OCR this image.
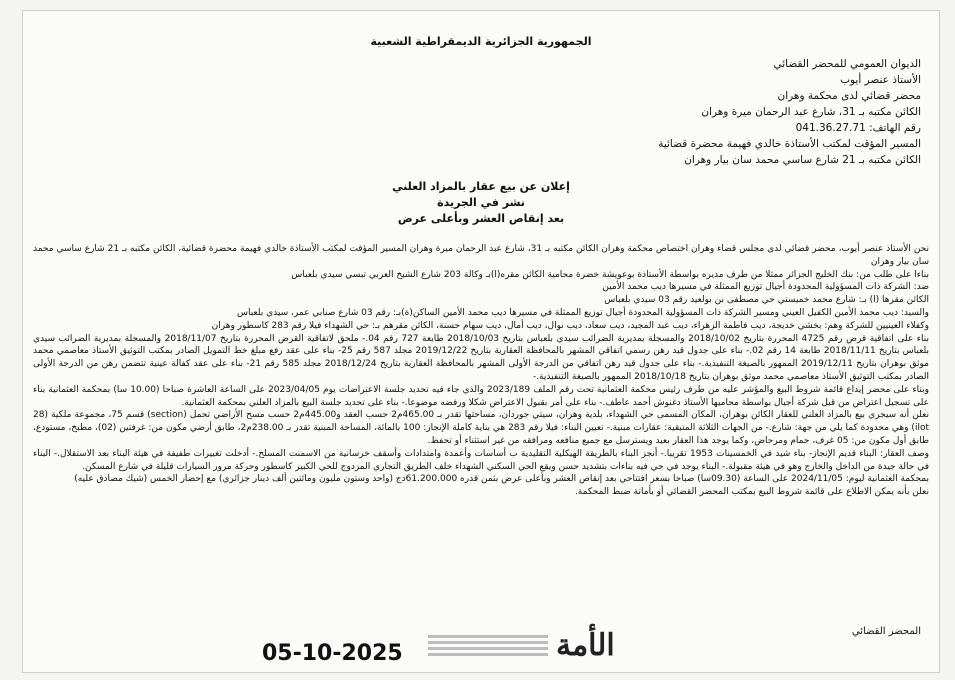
الجمهورية الجزائرية الديمقراطية الشعبية
الديوان العمومي للمحضر القضائي
الأستاذ عنصر أيوب
محضر قضائي لدى محكمة وهران
الكائن مكتبه بـ 31، شارع عبد الرحمان ميرة وهران
رقم الهاتف: 041.36.27.71
المسير المؤقت لمكتب الأستاذة خالدي فهيمة محضرة قضائية
الكائن مكتبه بـ 21 شارع ساسي محمد سان بيار وهران
إعلان عن بيع عقار بالمزاد العلني
نشر في الجريدة
بعد إنقاص العشر وبأعلى عرض

نحن الأستاذ عنصر أيوب، محضر قضائي لدى مجلس قضاء وهران اختصاص محكمة وهران الكائن مكتبه بـ 31، شارع عبد الرحمان ميرة وهران المسير المؤقت لمكتب الأستاذة خالدي فهيمة محضرة قضائية، الكائن مكتبه بـ 21 شارع ساسي محمد سان بيار وهران

بناءا على طلب من: بنك الخليج الجزائر ممثلا من طرف مديره بواسطة الأستاذة بوعويشة خضرة محامية الكائن مقره(ا)بـ وكالة 203 شارع الشيخ العربي تبسي سيدي بلعباس

ضد: الشركة ذات المسؤولية المحدودة أجيال توزيع الممثلة في مسيرها ديب محمد الأمين

الكائن مقرها (ا) بـ: شارع محمد خميستي حي مصطفى بن بولعيد رقم 03 سيدي بلعباس

والسيد: ديب محمد الأمين الكفيل العيني ومسير الشركة ذات المسؤولية المحدودة أجيال توزيع الممثلة في مسيرها ديب محمد الأمين الساكن(ة)بـ: رقم 03 شارع صنابي عمر، سيدي بلعباس

وكفلاء العينيين للشركة وهم: بخشي خديجة، ديب فاطمة الزهراء، ديب عبد المجيد، ديب سعاد، ديب نوال، ديب أمال، ديب سهام حسنة، الكائن مقرهم بـ: حي الشهداء فيلا رقم 283 كاسطور وهران

بناء على اتفاقية قرض رقم 4725 المحررة بتاريخ 2018/10/02 والمسجلة بمديرية الضرائب سيدي بلعباس بتاريخ 2018/10/03 طابعة 727 رقم 04.- ملحق لاتفاقية القرض المحررة بتاريخ 2018/11/07 والمسجلة بمديرية الضرائب سيدي بلعباس بتاريخ 2018/11/11 طابعة 14 رقم 02.- بناء على جدول قيد رهن رسمي اتفاقي المشهر بالمحافظة العقارية بتاريخ 2019/12/22 مجلد 587 رقم 25- بناء على عقد رفع مبلغ خط التمويل الصادر بمكتب التوثيق الأستاذ معاصمي محمد موثق بوهران بتاريخ 2019/12/11 الممهور بالصيغة التنفيذية.- بناء على جدول قيد رهن اتفاقي من الدرجة الأولى المشهر بالمحافظة العقارية بتاريخ 2018/12/24 مجلد 585 رقم 21- بناء على عقد كفالة عينية تتضمن رهن من الدرجة الأولى الصادر بمكتب التوثيق الأستاذ معاصمي محمد موثق بوهران بتاريخ 2018/10/18 الممهور بالصيغة التنفيذية.-

وبناء على محضر إيداع قائمة شروط البيع والمؤشر عليه من طرف رئيس محكمة العثمانية تحت رقم الملف 2023/189 والذي جاء فيه تحديد جلسة الاعتراضات يوم 2023/04/05 على الساعة العاشرة صباحا (10.00 سا) بمحكمة العثمانية بناء على تسجيل اعتراض من قبل شركة أجيال بواسطة محاميها الأستاذ دغنوش أحمد عاطف.- بناء على أمر بقبول الاعتراض شكلا ورفضه موضوعا.- بناء على تحديد جلسة البيع بالمزاد العلني بمحكمة العثمانية.

نعلن أنه سيجري بيع بالمزاد العلني للعقار الكائن بوهران، المكان المسمى حي الشهداء، بلدية وهران، سيتي جوردان، مساحتها تقدر بـ 465.00م2 حسب العقد و445.00م2 حسب مسح الأراضي تحمل (section) قسم 75، مجموعة ملكية (28 ilot) وهي محدودة كما يلي من جهة: شارع.- من الجهات الثلاثة المتبقية: عقارات مبنية.- تعيين البناء: فيلا رقم 283 هي بناية كاملة الإنجاز: 100 بالمائة، المساحة المبنية تقدر بـ 238.00م2، طابق أرضي مكون من: غرفتين (02)، مطبخ، مستودع، طابق أول مكون من: 05 غرف، حمام ومرحاض، وكما يوجد هذا العقار بعيد ويسترسل مع جميع منافعه ومرافقه من غير استثناء أو تحفظ.

وصف العقار: البناء قديم الإنجاز- بناء شيد في الخمسينات 1953 تقريبا.- أنجز البناء بالطريقة الهيكلية التقليدية ب أساسات وأعمدة وامتدادات وأسقف خرسانية من الاسمنت المسلح.- أدخلت تغييرات طفيفة في هيئة البناء بعد الاستقلال.- البناء في حالة جيدة من الداخل والخارج وهو في هيئة مقبولة.- البناء يوجد في حي فيه بناءات بتشديد حسن ويقع الحي السكني الشهداء خلف الطريق التجاري المزدوج للحي الكبير كاسطور وحركة مرور السيارات قليلة في شارع المسكن.

بمحكمة العثمانية ليوم: 2024/11/05 على الساعة (09.30سا) صباحا بسعر افتتاحي بعد إنقاص العشر وبأعلى عرض بثمن قدره 61.200.000دج (واحد وستون مليون ومائتين ألف دينار جزائري) مع إحضار الخمس (شيك مصادق عليه)

نعلن بأنه يمكن الاطلاع على قائمة شروط البيع بمكتب المحضر القضائي أو بأمانة ضبط المحكمة.

المحضر القضائي
الأمة
05-10-2025
